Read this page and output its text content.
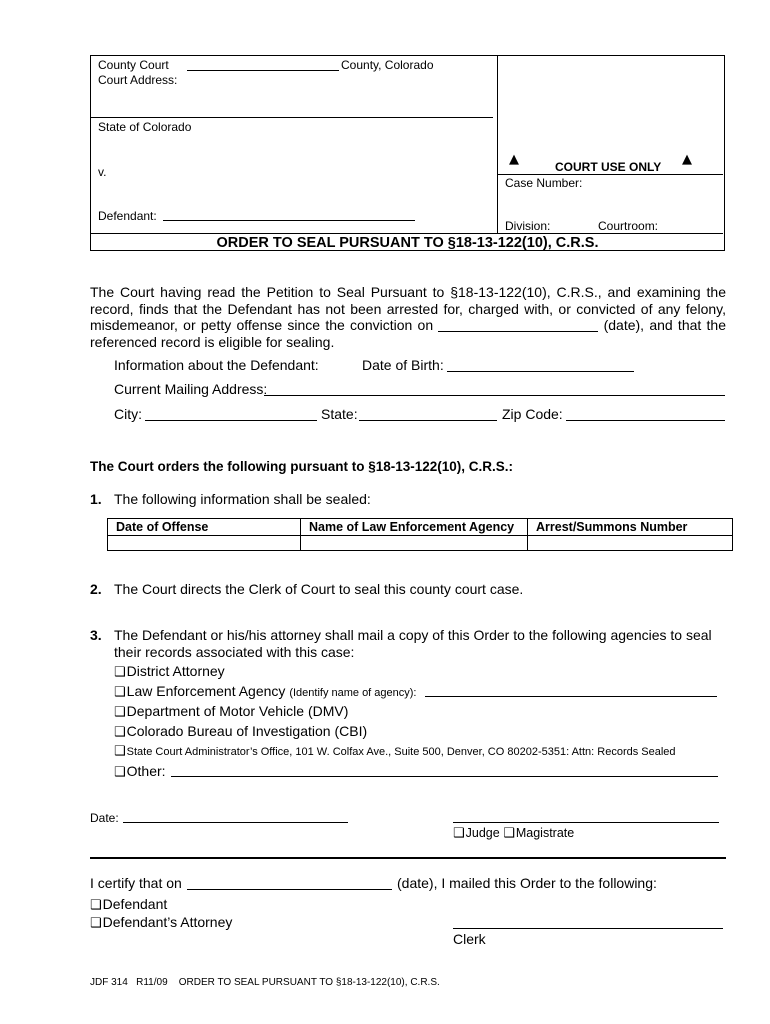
County Court	County, Colorado
Court Address:
State of Colorado
v.
Defendant:
▲	COURT USE ONLY ▲
Case Number:
Division:	Courtroom:
ORDER TO SEAL PURSUANT TO §18-13-122(10), C.R.S.
The Court having read the Petition to Seal Pursuant to §18-13-122(10), C.R.S., and examining the record, finds that the Defendant has not been arrested for, charged with, or convicted of any felony, misdemeanor, or petty offense since the conviction on	(date), and that the referenced record is eligible for sealing.
Information about the Defendant:	Date of Birth:
Current Mailing Address:
City:	State:	Zip Code:
The Court orders the following pursuant to §18-13-122(10), C.R.S.:
1. The following information shall be sealed:
Date of Offense	Name of Law Enforcement Agency	Arrest/Summons Number

2. The Court directs the Clerk of Court to seal this county court case.
3. The Defendant or his/his attorney shall mail a copy of this Order to the following agencies to seal their records associated with this case:
❑District Attorney
❑Law Enforcement Agency (Identify name of agency):
❑Department of Motor Vehicle (DMV)
❑Colorado Bureau of Investigation (CBI)
❑State Court Administrator’s Office, 101 W. Colfax Ave., Suite 500, Denver, CO 80202-5351: Attn: Records Sealed
❑Other:
Date:
❑Judge ❑Magistrate
I certify that on	(date), I mailed this Order to the following:
❑Defendant
❑Defendant’s Attorney
Clerk
JDF 314   R11/09    ORDER TO SEAL PURSUANT TO §18-13-122(10), C.R.S.
